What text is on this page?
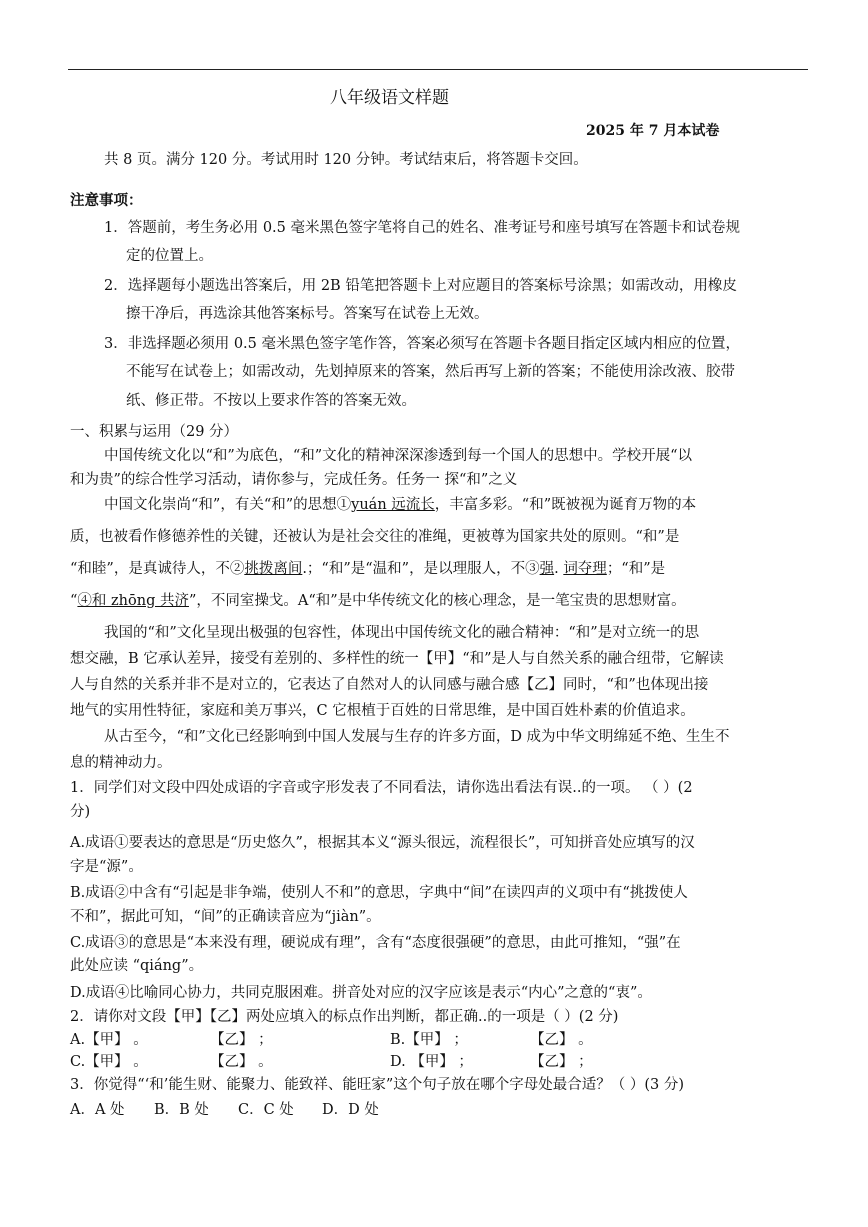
八年级语文样题
2025 年 7 月本试卷
共 8 页。满分 120 分。考试用时 120 分钟。考试结束后，将答题卡交回。
注意事项：
1．答题前，考生务必用 0.5 毫米黑色签字笔将自己的姓名、准考证号和座号填写在答题卡和试卷规
定的位置上。
2．选择题每小题选出答案后，用 2B 铅笔把答题卡上对应题目的答案标号涂黑；如需改动，用橡皮
擦干净后，再选涂其他答案标号。答案写在试卷上无效。
3．非选择题必须用 0.5 毫米黑色签字笔作答，答案必须写在答题卡各题目指定区域内相应的位置，
不能写在试卷上；如需改动，先划掉原来的答案，然后再写上新的答案；不能使用涂改液、胶带
纸、修正带。不按以上要求作答的答案无效。
一、积累与运用（29 分）
中国传统文化以“和”为底色，“和”文化的精神深深渗透到每一个国人的思想中。学校开展“以
和为贵”的综合性学习活动，请你参与，完成任务。任务一 探“和”之义
中国文化崇尚“和”，有关“和”的思想①yuán 远流长，丰富多彩。“和”既被视为诞育万物的本
质，也被看作修德养性的关键，还被认为是社会交往的准绳，更被尊为国家共处的原则。“和”是
“和睦”，是真诚待人，不②挑拨离间.；“和”是“温和”，是以理服人，不③强. 词夺理；“和”是
“④和 zhōng 共济”，不同室操戈。A“和”是中华传统文化的核心理念，是一笔宝贵的思想财富。
我国的“和”文化呈现出极强的包容性，体现出中国传统文化的融合精神：“和”是对立统一的思
想交融，B 它承认差异，接受有差别的、多样性的统一【甲】“和”是人与自然关系的融合纽带，它解读
人与自然的关系并非不是对立的，它表达了自然对人的认同感与融合感【乙】同时，“和”也体现出接
地气的实用性特征，家庭和美万事兴，C 它根植于百姓的日常思维，是中国百姓朴素的价值追求。
从古至今，“和”文化已经影响到中国人发展与生存的许多方面，D 成为中华文明绵延不绝、生生不
息的精神动力。
1．同学们对文段中四处成语的字音或字形发表了不同看法，请你选出看法有误..的一项。 （ ）(2
分)
A.成语①要表达的意思是“历史悠久”，根据其本义“源头很远，流程很长”，可知拼音处应填写的汉
字是“源”。
B.成语②中含有“引起是非争端，使别人不和”的意思，字典中“间”在读四声的义项中有“挑拨使人
不和”，据此可知，“间”的正确读音应为“jiàn”。
C.成语③的意思是“本来没有理，硬说成有理”，含有“态度很强硬”的意思，由此可推知，“强”在
此处应读 “qiáng”。
D.成语④比喻同心协力，共同克服困难。拼音处对应的汉字应该是表示“内心”之意的“衷”。
2．请你对文段【甲】【乙】两处应填入的标点作出判断，都正确..的一项是（ ）(2 分)
A.【甲】 。	【乙】 ；	B.【甲】 ；	【乙】 。
C.【甲】 。	【乙】 。	D. 【甲】 ；	【乙】 ；
3．你觉得“‘和’能生财、能聚力、能致祥、能旺家”这个句子放在哪个字母处最合适？（ ）(3 分)
A．A 处 B．B 处 C．C 处 D．D 处
